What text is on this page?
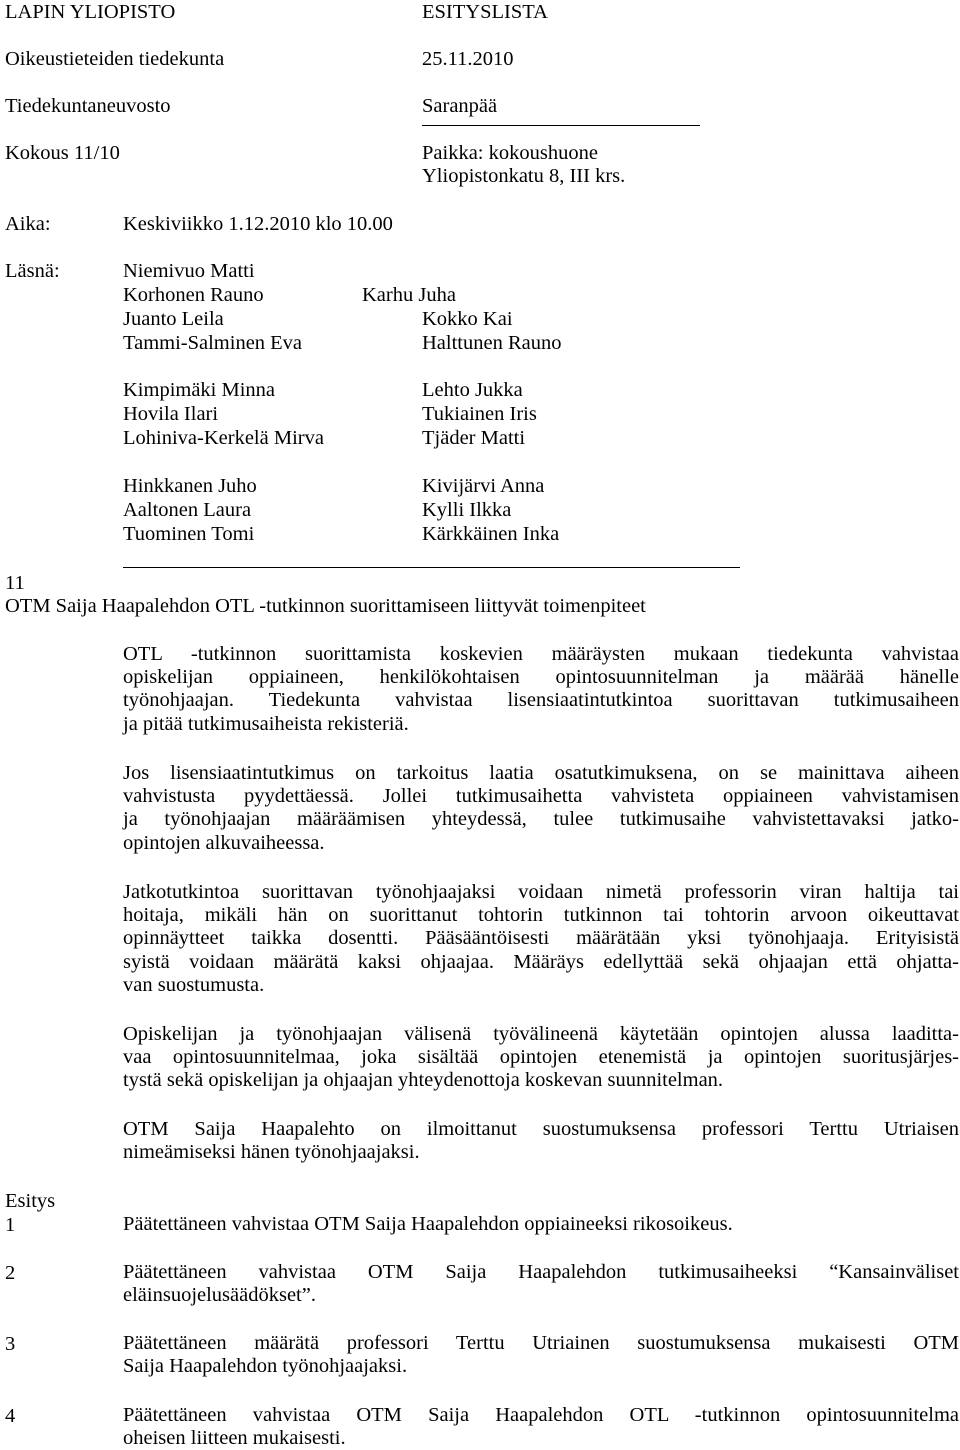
LAPIN YLIOPISTO	ESITYSLISTA
Oikeustieteiden tiedekunta	25.11.2010
Tiedekuntaneuvosto	Saranpää
Kokous 11/10	Paikka: kokoushuone
Yliopistonkatu 8, III krs.
Aika:	Keskiviikko 1.12.2010 klo 10.00
Läsnä:	Niemivuo Matti
Korhonen Rauno	Karhu Juha
Juanto Leila	Kokko Kai
Tammi-Salminen Eva	Halttunen Rauno
Kimpimäki Minna	Lehto Jukka
Hovila Ilari	Tukiainen Iris
Lohiniva-Kerkelä Mirva	Tjäder Matti
Hinkkanen Juho	Kivijärvi Anna
Aaltonen Laura	Kylli Ilkka
Tuominen Tomi	Kärkkäinen Inka
11
OTM Saija Haapalehdon OTL -tutkinnon suorittamiseen liittyvät toimenpiteet
OTL -tutkinnon suorittamista koskevien määräysten mukaan tiedekunta vahvistaa
opiskelijan oppiaineen, henkilökohtaisen opintosuunnitelman ja määrää hänelle
työnohjaajan. Tiedekunta vahvistaa lisensiaatintutkintoa suorittavan tutkimusaiheen
ja pitää tutkimusaiheista rekisteriä.
Jos lisensiaatintutkimus on tarkoitus laatia osatutkimuksena, on se mainittava aiheen
vahvistusta pyydettäessä. Jollei tutkimusaihetta vahvisteta oppiaineen vahvistamisen
ja työnohjaajan määräämisen yhteydessä, tulee tutkimusaihe vahvistettavaksi jatko-
opintojen alkuvaiheessa.
Jatkotutkintoa suorittavan työnohjaajaksi voidaan nimetä professorin viran haltija tai
hoitaja, mikäli hän on suorittanut tohtorin tutkinnon tai tohtorin arvoon oikeuttavat
opinnäytteet taikka dosentti. Pääsääntöisesti määrätään yksi työnohjaaja. Erityisistä
syistä voidaan määrätä kaksi ohjaajaa. Määräys edellyttää sekä ohjaajan että ohjatta-
van suostumusta.
Opiskelijan ja työnohjaajan välisenä työvälineenä käytetään opintojen alussa laaditta-
vaa opintosuunnitelmaa, joka sisältää opintojen etenemistä ja opintojen suoritusjärjes-
tystä sekä opiskelijan ja ohjaajan yhteydenottoja koskevan suunnitelman.
OTM Saija Haapalehto on ilmoittanut suostumuksensa professori Terttu Utriaisen
nimeämiseksi hänen työnohjaajaksi.
Esitys
1	Päätettäneen vahvistaa OTM Saija Haapalehdon oppiaineeksi rikosoikeus.
2	Päätettäneen vahvistaa OTM Saija Haapalehdon tutkimusaiheeksi “Kansainväliset
eläinsuojelusäädökset”.
3	Päätettäneen määrätä professori Terttu Utriainen suostumuksensa mukaisesti OTM
Saija Haapalehdon työnohjaajaksi.
4	Päätettäneen vahvistaa OTM Saija Haapalehdon OTL -tutkinnon opintosuunnitelma
oheisen liitteen mukaisesti.
